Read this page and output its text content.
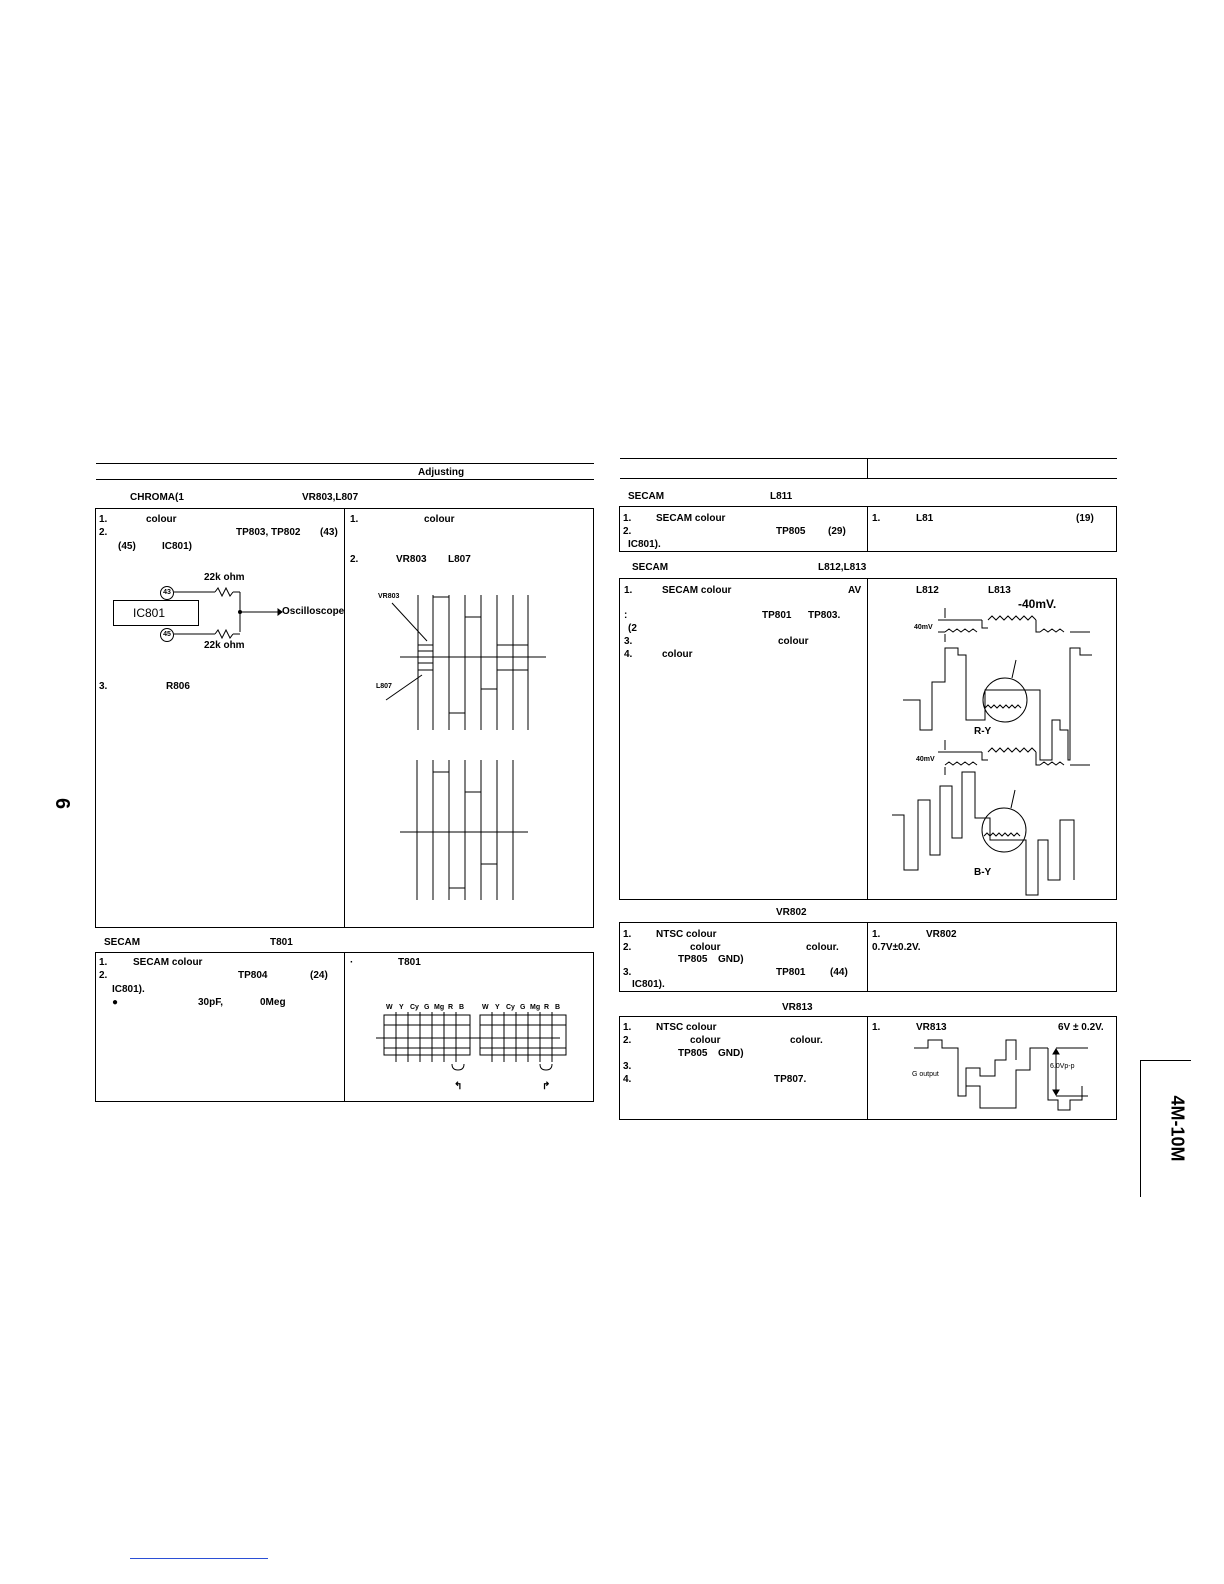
6
Adjusting
CHROMA(1	VR803,L807
1.	colour
2.	TP803, TP802 (43)
(45)	IC801)
22k ohm
22k ohm
IC801
43
45
Oscilloscope
3.	R806
1.	colour
2.	VR803 L807
VR803
L807
SECAM	T801
1.	SECAM colour
2.	TP804	(24)
IC801).
●	30pF,	0Meg
·	T801
W Y Cy G Mg R B	W Y Cy G Mg R B
↰	↱
SECAM	L811
1. SECAM colour
2.	TP805 (29)
IC801).
1.	L81	(19)
SECAM	L812,L813
1.	SECAM colour	AV
:	TP801 TP803.
(2
3.	colour
4.	colour
L812	L813
-40mV.
40mV
40mV
R-Y
B-Y
VR802
1. NTSC colour
2.	colour	colour.
TP805 GND)
3.	TP801 (44)
IC801).
1.	VR802
0.7V±0.2V.
VR813
1. NTSC colour
2.	colour	colour.
TP805 GND)
3.
4.	TP807.
1.	VR813	6V ± 0.2V.
G output
6.0Vp-p
4M-10M
